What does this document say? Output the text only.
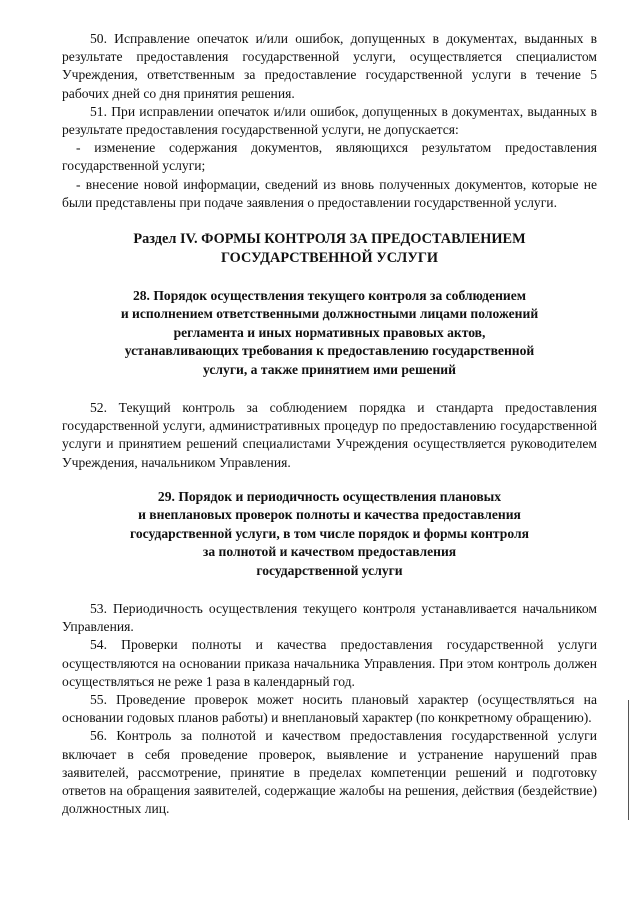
50. Исправление опечаток и/или ошибок, допущенных в документах, выданных в результате предоставления государственной услуги, осуществляется специалистом Учреждения, ответственным за предоставление государственной услуги в течение 5 рабочих дней со дня принятия решения.

51. При исправлении опечаток и/или ошибок, допущенных в документах, выданных в результате предоставления государственной услуги, не допускается:

- изменение содержания документов, являющихся результатом предоставления государственной услуги;

- внесение новой информации, сведений из вновь полученных документов, которые не были представлены при подаче заявления о предоставлении государственной услуги.

Раздел IV. ФОРМЫ КОНТРОЛЯ ЗА ПРЕДОСТАВЛЕНИЕМ
ГОСУДАРСТВЕННОЙ УСЛУГИ
28. Порядок осуществления текущего контроля за соблюдением
и исполнением ответственными должностными лицами положений
регламента и иных нормативных правовых актов,
устанавливающих требования к предоставлению государственной
услуги, а также принятием ими решений

52. Текущий контроль за соблюдением порядка и стандарта предоставления государственной услуги, административных процедур по предоставлению государственной услуги и принятием решений специалистами Учреждения осуществляется руководителем Учреждения, начальником Управления.

29. Порядок и периодичность осуществления плановых
и внеплановых проверок полноты и качества предоставления
государственной услуги, в том числе порядок и формы контроля
за полнотой и качеством предоставления
государственной услуги

53. Периодичность осуществления текущего контроля устанавливается начальником Управления.

54. Проверки полноты и качества предоставления государственной услуги осуществляются на основании приказа начальника Управления. При этом контроль должен осуществляться не реже 1 раза в календарный год.

55. Проведение проверок может носить плановый характер (осуществляться на основании годовых планов работы) и внеплановый характер (по конкретному обращению).

56. Контроль за полнотой и качеством предоставления государственной услуги включает в себя проведение проверок, выявление и устранение нарушений прав заявителей, рассмотрение, принятие в пределах компетенции решений и подготовку ответов на обращения заявителей, содержащие жалобы на решения, действия (бездействие) должностных лиц.
